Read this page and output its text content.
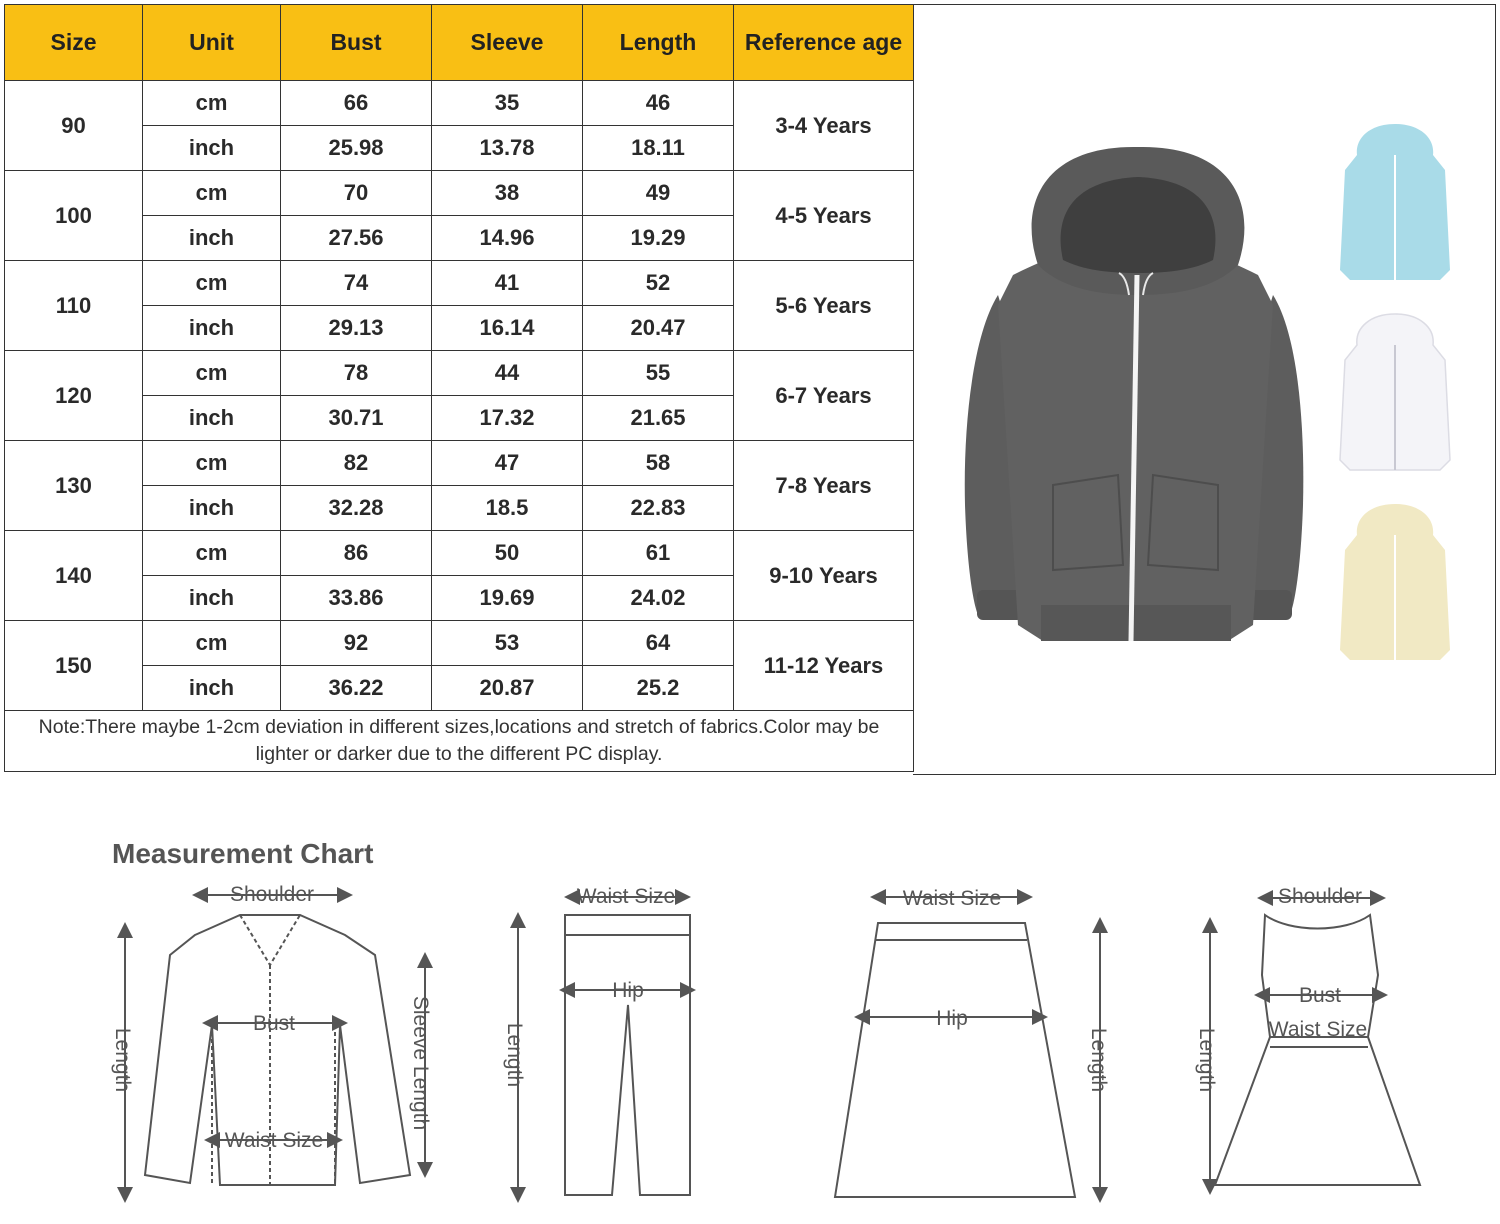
Size	Unit	Bust	Sleeve	Length	Reference age
90	cm	66	35	46	3-4 Years
	inch	25.98	13.78	18.11	
100	cm	70	38	49	4-5 Years
	inch	27.56	14.96	19.29	
110	cm	74	41	52	5-6 Years
	inch	29.13	16.14	20.47	
120	cm	78	44	55	6-7 Years
	inch	30.71	17.32	21.65	
130	cm	82	47	58	7-8 Years
	inch	32.28	18.5	22.83	
140	cm	86	50	61	9-10 Years
	inch	33.86	19.69	24.02	
150	cm	92	53	64	11-12 Years
	inch	36.22	20.87	25.2	
Note:There maybe 1-2cm deviation in different sizes,locations and stretch of fabrics.Color may be lighter or darker due to the different PC display.					
Measurement Chart
Shoulder
Bust
Waist Size
Length	Sleeve Length
Waist Size
Hip
Length
Waist Size
Hip
Length
Shoulder
Bust
Waist Size
Length
